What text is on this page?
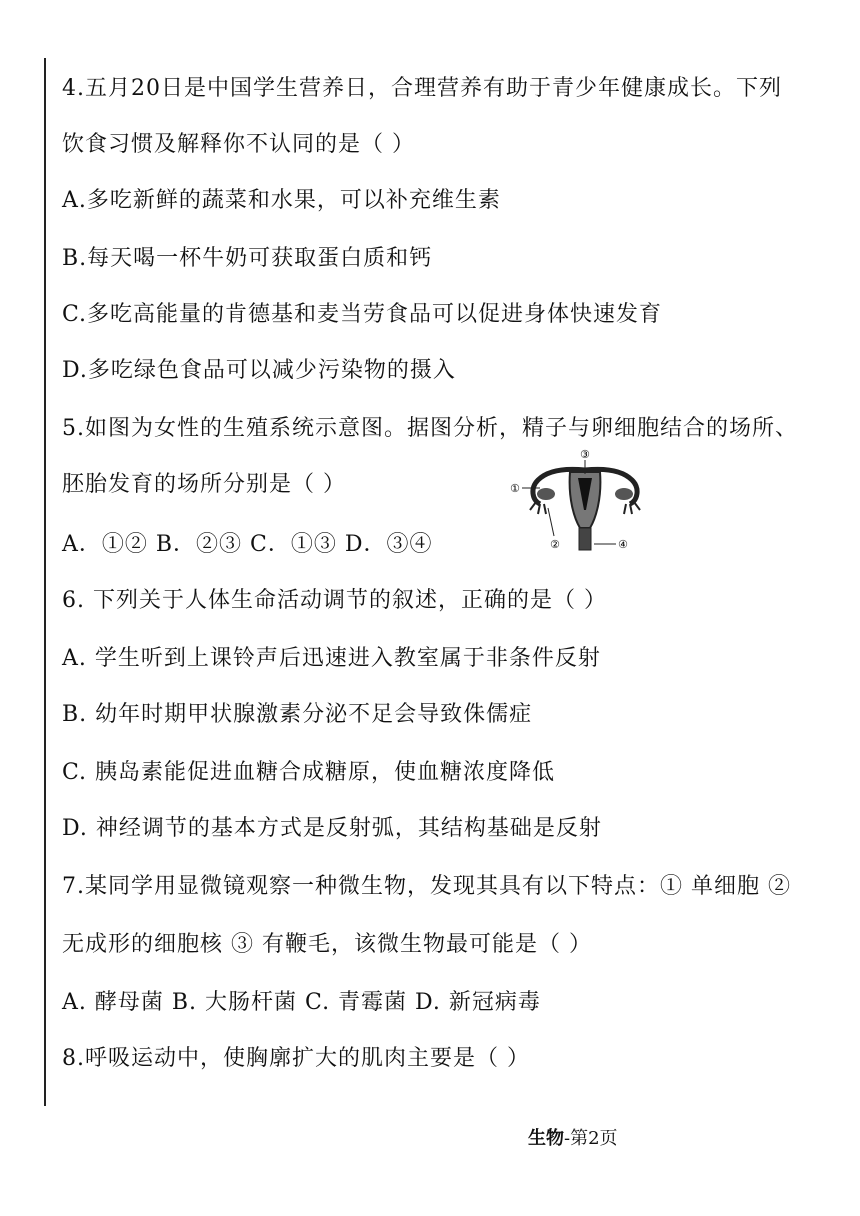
4.五月20日是中国学生营养日，合理营养有助于青少年健康成长。下列
饮食习惯及解释你不认同的是（ ）
A.多吃新鲜的蔬菜和水果，可以补充维生素
B.每天喝一杯牛奶可获取蛋白质和钙
C.多吃高能量的肯德基和麦当劳食品可以促进身体快速发育
D.多吃绿色食品可以减少污染物的摄入
5.如图为女性的生殖系统示意图。据图分析，精子与卵细胞结合的场所、
胚胎发育的场所分别是（ ）
A．①② B．②③ C．①③ D．③④
③
①
②	④
6. 下列关于人体生命活动调节的叙述，正确的是（ ）
A. 学生听到上课铃声后迅速进入教室属于非条件反射
B. 幼年时期甲状腺激素分泌不足会导致侏儒症
C. 胰岛素能促进血糖合成糖原，使血糖浓度降低
D. 神经调节的基本方式是反射弧，其结构基础是反射
7.某同学用显微镜观察一种微生物，发现其具有以下特点：① 单细胞 ②
无成形的细胞核 ③ 有鞭毛，该微生物最可能是（ ）
A. 酵母菌 B. 大肠杆菌 C. 青霉菌 D. 新冠病毒
8.呼吸运动中，使胸廓扩大的肌肉主要是（ ）
生物-第2页
